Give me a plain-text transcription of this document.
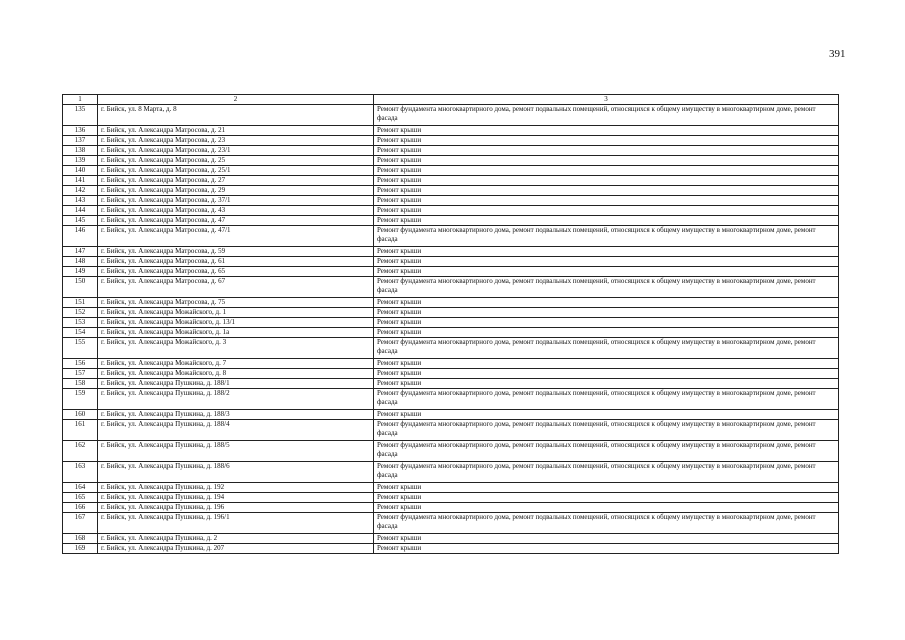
391
1	2	3
135	г. Бийск, ул. 8 Марта, д. 8	Ремонт фундамента многоквартирного дома, ремонт подвальных помещений, относящихся к общему имуществу в многоквартирном доме, ремонт фасада
136	г. Бийск, ул. Александра Матросова, д. 21	Ремонт крыши
137	г. Бийск, ул. Александра Матросова, д. 23	Ремонт крыши
138	г. Бийск, ул. Александра Матросова, д. 23/1	Ремонт крыши
139	г. Бийск, ул. Александра Матросова, д. 25	Ремонт крыши
140	г. Бийск, ул. Александра Матросова, д. 25/1	Ремонт крыши
141	г. Бийск, ул. Александра Матросова, д. 27	Ремонт крыши
142	г. Бийск, ул. Александра Матросова, д. 29	Ремонт крыши
143	г. Бийск, ул. Александра Матросова, д. 37/1	Ремонт крыши
144	г. Бийск, ул. Александра Матросова, д. 43	Ремонт крыши
145	г. Бийск, ул. Александра Матросова, д. 47	Ремонт крыши
146	г. Бийск, ул. Александра Матросова, д. 47/1	Ремонт фундамента многоквартирного дома, ремонт подвальных помещений, относящихся к общему имуществу в многоквартирном доме, ремонт фасада
147	г. Бийск, ул. Александра Матросова, д. 59	Ремонт крыши
148	г. Бийск, ул. Александра Матросова, д. 61	Ремонт крыши
149	г. Бийск, ул. Александра Матросова, д. 65	Ремонт крыши
150	г. Бийск, ул. Александра Матросова, д. 67	Ремонт фундамента многоквартирного дома, ремонт подвальных помещений, относящихся к общему имуществу в многоквартирном доме, ремонт фасада
151	г. Бийск, ул. Александра Матросова, д. 75	Ремонт крыши
152	г. Бийск, ул. Александра Можайского, д. 1	Ремонт крыши
153	г. Бийск, ул. Александра Можайского, д. 13/1	Ремонт крыши
154	г. Бийск, ул. Александра Можайского, д. 1а	Ремонт крыши
155	г. Бийск, ул. Александра Можайского, д. 3	Ремонт фундамента многоквартирного дома, ремонт подвальных помещений, относящихся к общему имуществу в многоквартирном доме, ремонт фасада
156	г. Бийск, ул. Александра Можайского, д. 7	Ремонт крыши
157	г. Бийск, ул. Александра Можайского, д. 8	Ремонт крыши
158	г. Бийск, ул. Александра Пушкина, д. 188/1	Ремонт крыши
159	г. Бийск, ул. Александра Пушкина, д. 188/2	Ремонт фундамента многоквартирного дома, ремонт подвальных помещений, относящихся к общему имуществу в многоквартирном доме, ремонт фасада
160	г. Бийск, ул. Александра Пушкина, д. 188/3	Ремонт крыши
161	г. Бийск, ул. Александра Пушкина, д. 188/4	Ремонт фундамента многоквартирного дома, ремонт подвальных помещений, относящихся к общему имуществу в многоквартирном доме, ремонт фасада
162	г. Бийск, ул. Александра Пушкина, д. 188/5	Ремонт фундамента многоквартирного дома, ремонт подвальных помещений, относящихся к общему имуществу в многоквартирном доме, ремонт фасада
163	г. Бийск, ул. Александра Пушкина, д. 188/6	Ремонт фундамента многоквартирного дома, ремонт подвальных помещений, относящихся к общему имуществу в многоквартирном доме, ремонт фасада
164	г. Бийск, ул. Александра Пушкина, д. 192	Ремонт крыши
165	г. Бийск, ул. Александра Пушкина, д. 194	Ремонт крыши
166	г. Бийск, ул. Александра Пушкина, д. 196	Ремонт крыши
167	г. Бийск, ул. Александра Пушкина, д. 196/1	Ремонт фундамента многоквартирного дома, ремонт подвальных помещений, относящихся к общему имуществу в многоквартирном доме, ремонт фасада
168	г. Бийск, ул. Александра Пушкина, д. 2	Ремонт крыши
169	г. Бийск, ул. Александра Пушкина, д. 207	Ремонт крыши
